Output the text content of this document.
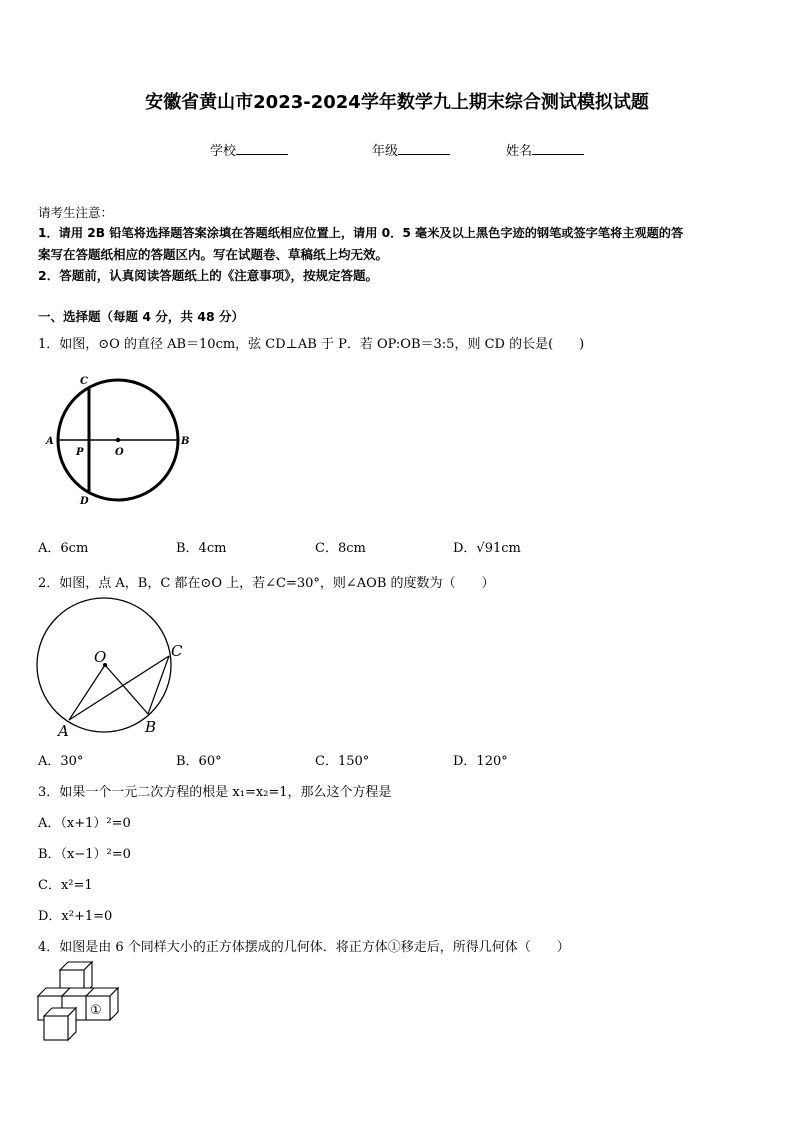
安徽省黄山市2023-2024学年数学九上期末综合测试模拟试题
学校	年级	姓名
请考生注意：
1．请用 2B 铅笔将选择题答案涂填在答题纸相应位置上，请用 0．5 毫米及以上黑色字迹的钢笔或签字笔将主观题的答
案写在答题纸相应的答题区内。写在试题卷、草稿纸上均无效。
2．答题前，认真阅读答题纸上的《注意事项》，按规定答题。
一、选择题（每题 4 分，共 48 分）
1．如图，⊙O 的直径 AB＝10cm，弦 CD⊥AB 于 P．若 OP:OB＝3:5，则 CD 的长是(　　)
C
A	B
P	O
D
A．6cm	B．4cm	C．8cm	D．√91cm
2．如图，点 A，B，C 都在⊙O 上，若∠C=30°，则∠AOB 的度数为（　　）
O	C
A	B
A．30°	B．60°	C．150°	D．120°
3．如果一个一元二次方程的根是 x₁=x₂=1，那么这个方程是
A．（x+1）²=0
B．（x−1）²=0
C．x²=1
D．x²+1=0
4．如图是由 6 个同样大小的正方体摆成的几何体．将正方体①移走后，所得几何体（　　）
①
